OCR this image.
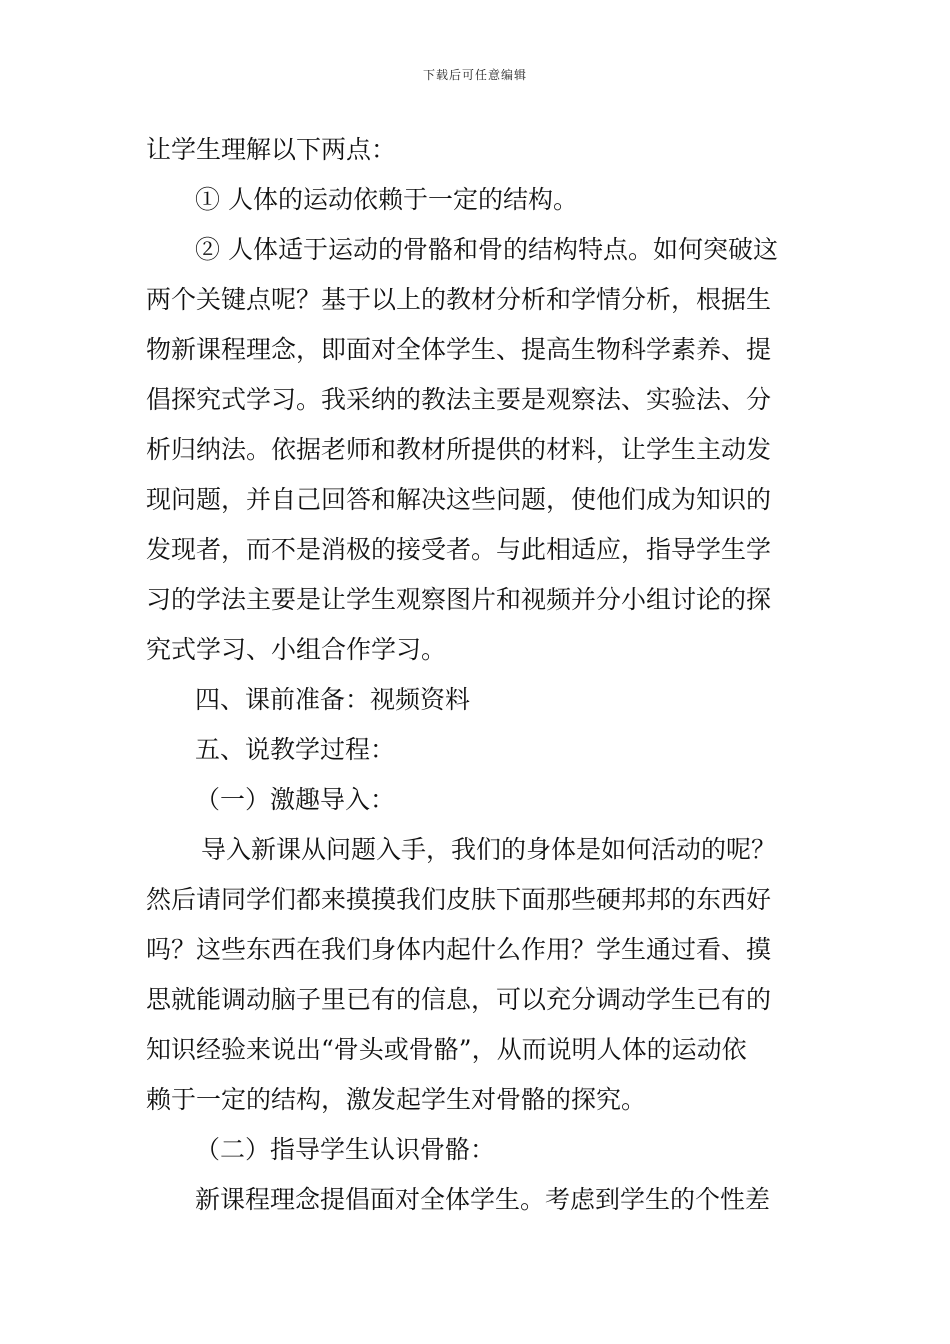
下载后可任意编辑
让学生理解以下两点：
① 人体的运动依赖于一定的结构。
② 人体适于运动的骨骼和骨的结构特点。如何突破这
两个关键点呢？基于以上的教材分析和学情分析，根据生
物新课程理念，即面对全体学生、提高生物科学素养、提
倡探究式学习。我采纳的教法主要是观察法、实验法、分
析归纳法。依据老师和教材所提供的材料，让学生主动发
现问题，并自己回答和解决这些问题，使他们成为知识的
发现者，而不是消极的接受者。与此相适应，指导学生学
习的学法主要是让学生观察图片和视频并分小组讨论的探
究式学习、小组合作学习。
四、课前准备：视频资料
五、说教学过程：
（一）激趣导入：
导入新课从问题入手，我们的身体是如何活动的呢？
然后请同学们都来摸摸我们皮肤下面那些硬邦邦的东西好
吗？这些东西在我们身体内起什么作用？学生通过看、摸
思就能调动脑子里已有的信息，可以充分调动学生已有的
知识经验来说出“骨头或骨骼”，从而说明人体的运动依
赖于一定的结构，激发起学生对骨骼的探究。
（二）指导学生认识骨骼：
新课程理念提倡面对全体学生。考虑到学生的个性差
